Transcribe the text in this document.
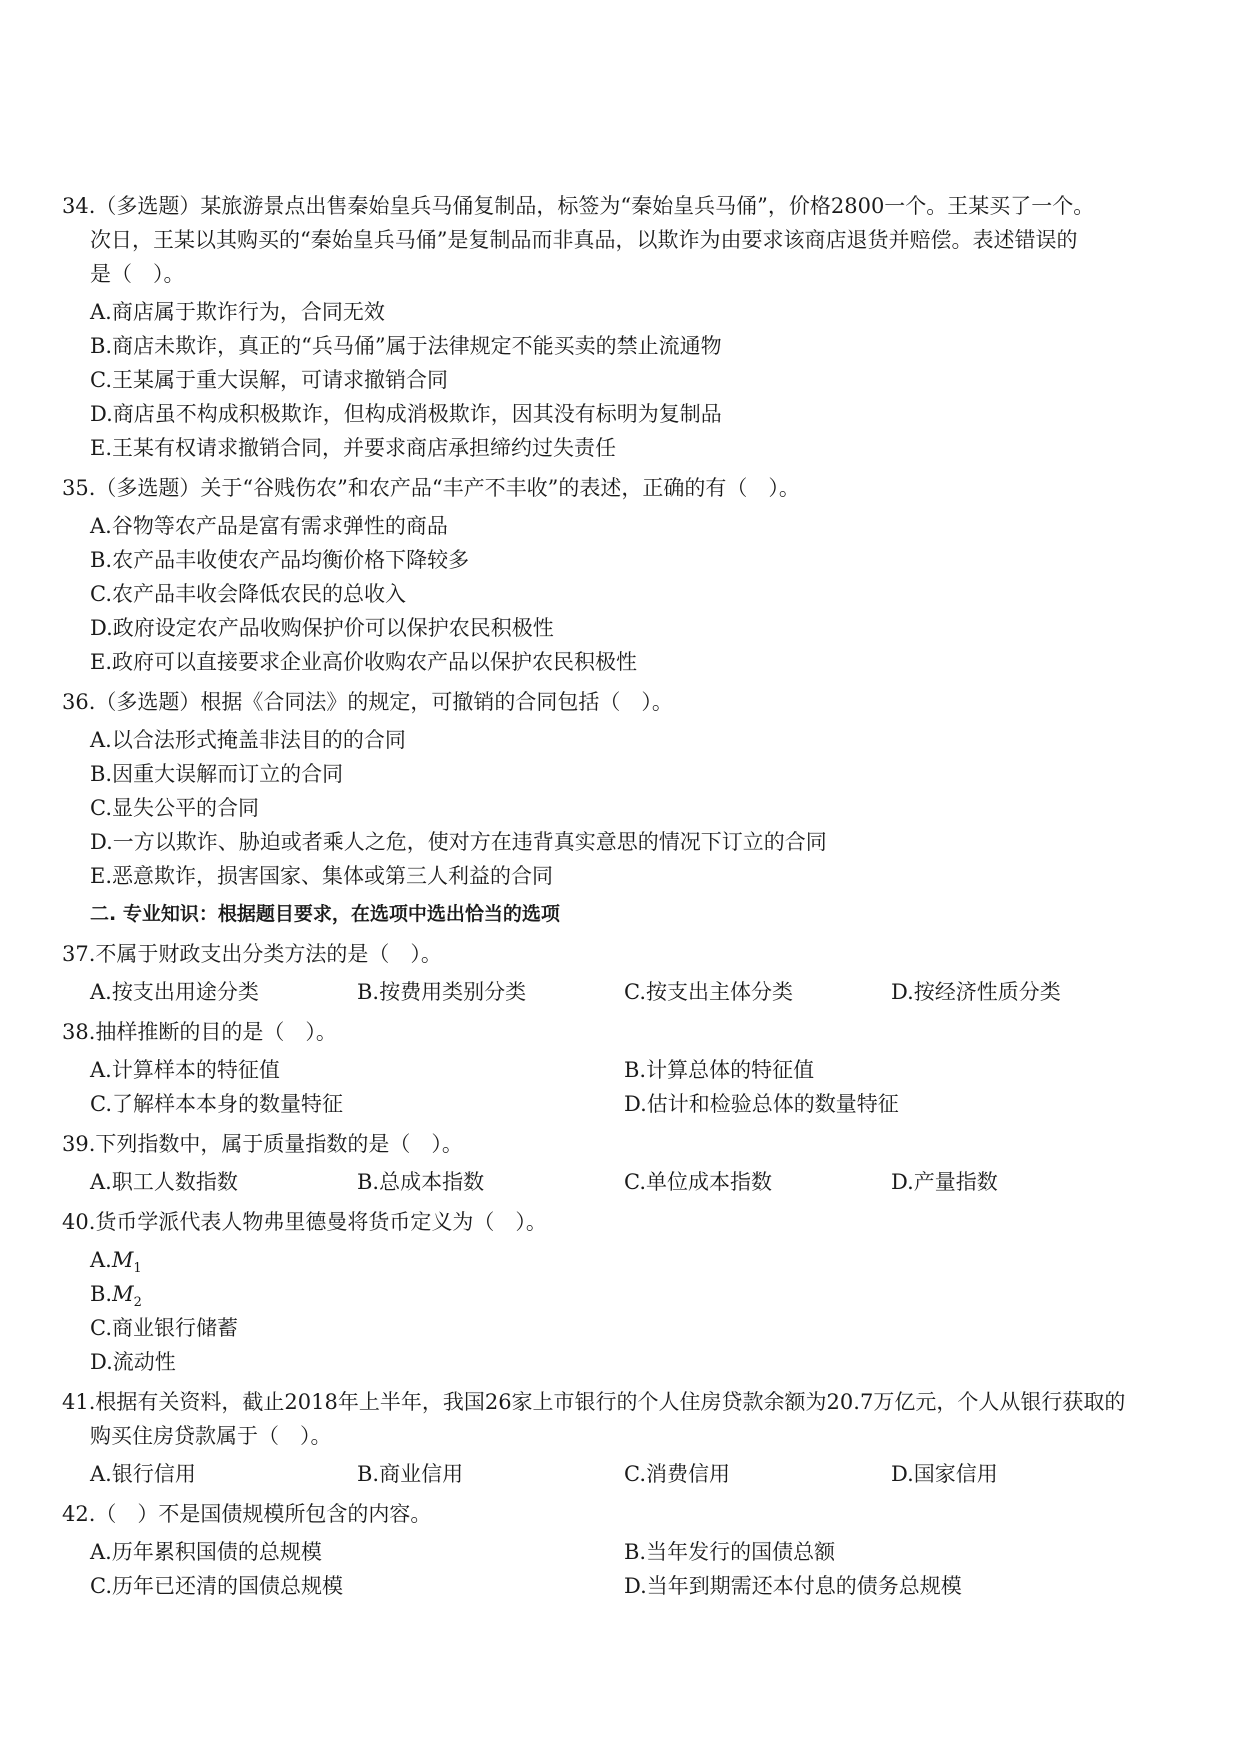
34.（多选题）某旅游景点出售秦始皇兵马俑复制品，标签为“秦始皇兵马俑”，价格2800一个。王某买了一个。
次日，王某以其购买的“秦始皇兵马俑”是复制品而非真品，以欺诈为由要求该商店退货并赔偿。表述错误的
是（　）。
A.商店属于欺诈行为，合同无效
B.商店未欺诈，真正的“兵马俑”属于法律规定不能买卖的禁止流通物
C.王某属于重大误解，可请求撤销合同
D.商店虽不构成积极欺诈，但构成消极欺诈，因其没有标明为复制品
E.王某有权请求撤销合同，并要求商店承担缔约过失责任
35.（多选题）关于“谷贱伤农”和农产品“丰产不丰收”的表述，正确的有（　）。
A.谷物等农产品是富有需求弹性的商品
B.农产品丰收使农产品均衡价格下降较多
C.农产品丰收会降低农民的总收入
D.政府设定农产品收购保护价可以保护农民积极性
E.政府可以直接要求企业高价收购农产品以保护农民积极性
36.（多选题）根据《合同法》的规定，可撤销的合同包括（　）。
A.以合法形式掩盖非法目的的合同
B.因重大误解而订立的合同
C.显失公平的合同
D.一方以欺诈、胁迫或者乘人之危，使对方在违背真实意思的情况下订立的合同
E.恶意欺诈，损害国家、集体或第三人利益的合同
二. 专业知识：根据题目要求，在选项中选出恰当的选项
37.不属于财政支出分类方法的是（　）。
A.按支出用途分类	B.按费用类别分类	C.按支出主体分类	D.按经济性质分类
38.抽样推断的目的是（　）。
A.计算样本的特征值	B.计算总体的特征值
C.了解样本本身的数量特征	D.估计和检验总体的数量特征
39.下列指数中，属于质量指数的是（　）。
A.职工人数指数	B.总成本指数	C.单位成本指数	D.产量指数
40.货币学派代表人物弗里德曼将货币定义为（　）。
$A.M_1$
$B.M_2$
C.商业银行储蓄
D.流动性
41.根据有关资料，截止2018年上半年，我国26家上市银行的个人住房贷款余额为20.7万亿元，个人从银行获取的
购买住房贷款属于（　）。
A.银行信用	B.商业信用	C.消费信用	D.国家信用
42.（　）不是国债规模所包含的内容。
A.历年累积国债的总规模	B.当年发行的国债总额
C.历年已还清的国债总规模	D.当年到期需还本付息的债务总规模
